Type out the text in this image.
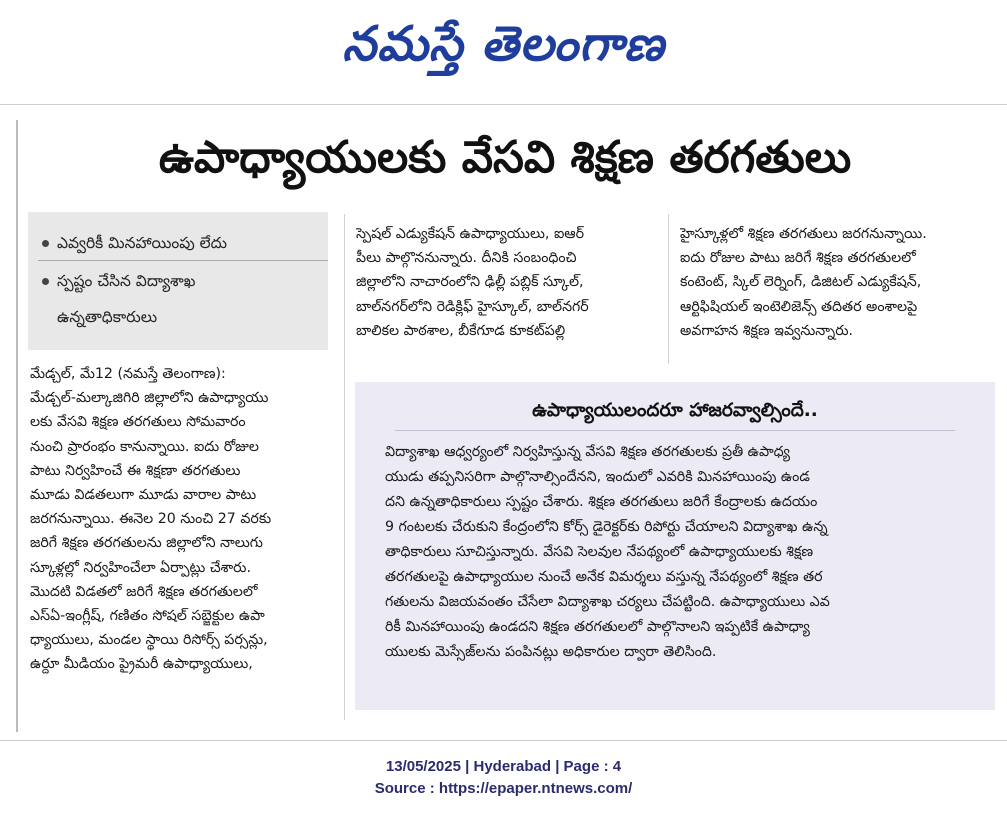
నమస్తే తెలంగాణ
ఉపాధ్యాయులకు వేసవి శిక్షణ తరగతులు
ఎవ్వరికీ మినహాయింపు లేదు
స్పష్టం చేసిన విద్యాశాఖ
ఉన్నతాధికారులు
మేడ్చల్‌, మే12 (నమస్తే తెలంగాణ):
మేడ్చల్‌-మల్కాజిగిరి జిల్లాలోని ఉపాధ్యాయు
లకు వేసవి శిక్షణ తరగతులు సోమవారం
నుంచి ప్రారంభం కానున్నాయి. ఐదు రోజుల
పాటు నిర్వహించే ఈ శిక్షణా తరగతులు
మూడు విడతలుగా మూడు వారాల పాటు
జరగనున్నాయి. ఈనెల 20 నుంచి 27 వరకు
జరిగే శిక్షణ తరగతులను జిల్లాలోని నాలుగు
స్కూళ్లల్లో నిర్వహించేలా ఏర్పాట్లు చేశారు.
మొదటి విడతలో జరిగే శిక్షణ తరగతులలో
ఎస్‌ఏ-ఇంగ్లీష్‌, గణితం సోషల్‌ సబ్జెక్టుల ఉపా
ధ్యాయులు, మండల స్థాయి రిసోర్స్‌ పర్సన్లు,
ఉర్దూ మీడియం ప్రైమరీ ఉపాధ్యాయులు,
స్పెషల్‌ ఎడ్యుకేషన్‌ ఉపాధ్యాయులు, ఐఆర్‌
పీలు పాల్గొననున్నారు. దీనికి సంబంధించి
జిల్లాలోని నాచారంలోని ఢిల్లీ పబ్లిక్‌ స్కూల్‌,
బాల్‌నగర్‌లోని రెడిక్లిఫ్‌ హైస్కూల్‌, బాల్‌నగర్‌
బాలికల పాఠశాల, బీకేగూడ కూకట్‌పల్లి
హైస్కూళ్లలో శిక్షణ తరగతులు జరగనున్నాయి.
ఐదు రోజుల పాటు జరిగే శిక్షణ తరగతులలో
కంటెంట్‌, స్కిల్‌ లెర్నింగ్‌, డిజిటల్‌ ఎడ్యుకేషన్‌,
ఆర్టిఫిషియల్‌ ఇంటెలిజెన్స్‌ తదితర అంశాలపై
అవగాహన శిక్షణ ఇవ్వనున్నారు.
ఉపాధ్యాయులందరూ హాజరవ్వాల్సిందే..
విద్యాశాఖ ఆధ్వర్యంలో నిర్వహిస్తున్న వేసవి శిక్షణ తరగతులకు ప్రతీ ఉపాధ్య
యుడు తప్పనిసరిగా పాల్గొనాల్సిందేనని, ఇందులో ఎవరికి మినహాయింపు ఉండ
దని ఉన్నతాధికారులు స్పష్టం చేశారు. శిక్షణ తరగతులు జరిగే కేంద్రాలకు ఉదయం
9 గంటలకు చేరుకుని కేంద్రంలోని కోర్స్‌ డైరెక్టర్‌కు రిపోర్టు చేయాలని విద్యాశాఖ ఉన్న
తాధికారులు సూచిస్తున్నారు. వేసవి సెలవుల నేపథ్యంలో ఉపాధ్యాయులకు శిక్షణ
తరగతులపై ఉపాధ్యాయుల నుంచే అనేక విమర్శలు వస్తున్న నేపథ్యంలో శిక్షణ తర
గతులను విజయవంతం చేసేలా విద్యాశాఖ చర్యలు చేపట్టింది. ఉపాధ్యాయులు ఎవ
రికీ మినహాయింపు ఉండదని శిక్షణ తరగతులలో పాల్గొనాలని ఇప్పటికే ఉపాధ్యా
యులకు మెస్సేజ్‌లను పంపినట్లు అధికారుల ద్వారా తెలిసింది.
13/05/2025 | Hyderabad | Page : 4
Source : https://epaper.ntnews.com/
